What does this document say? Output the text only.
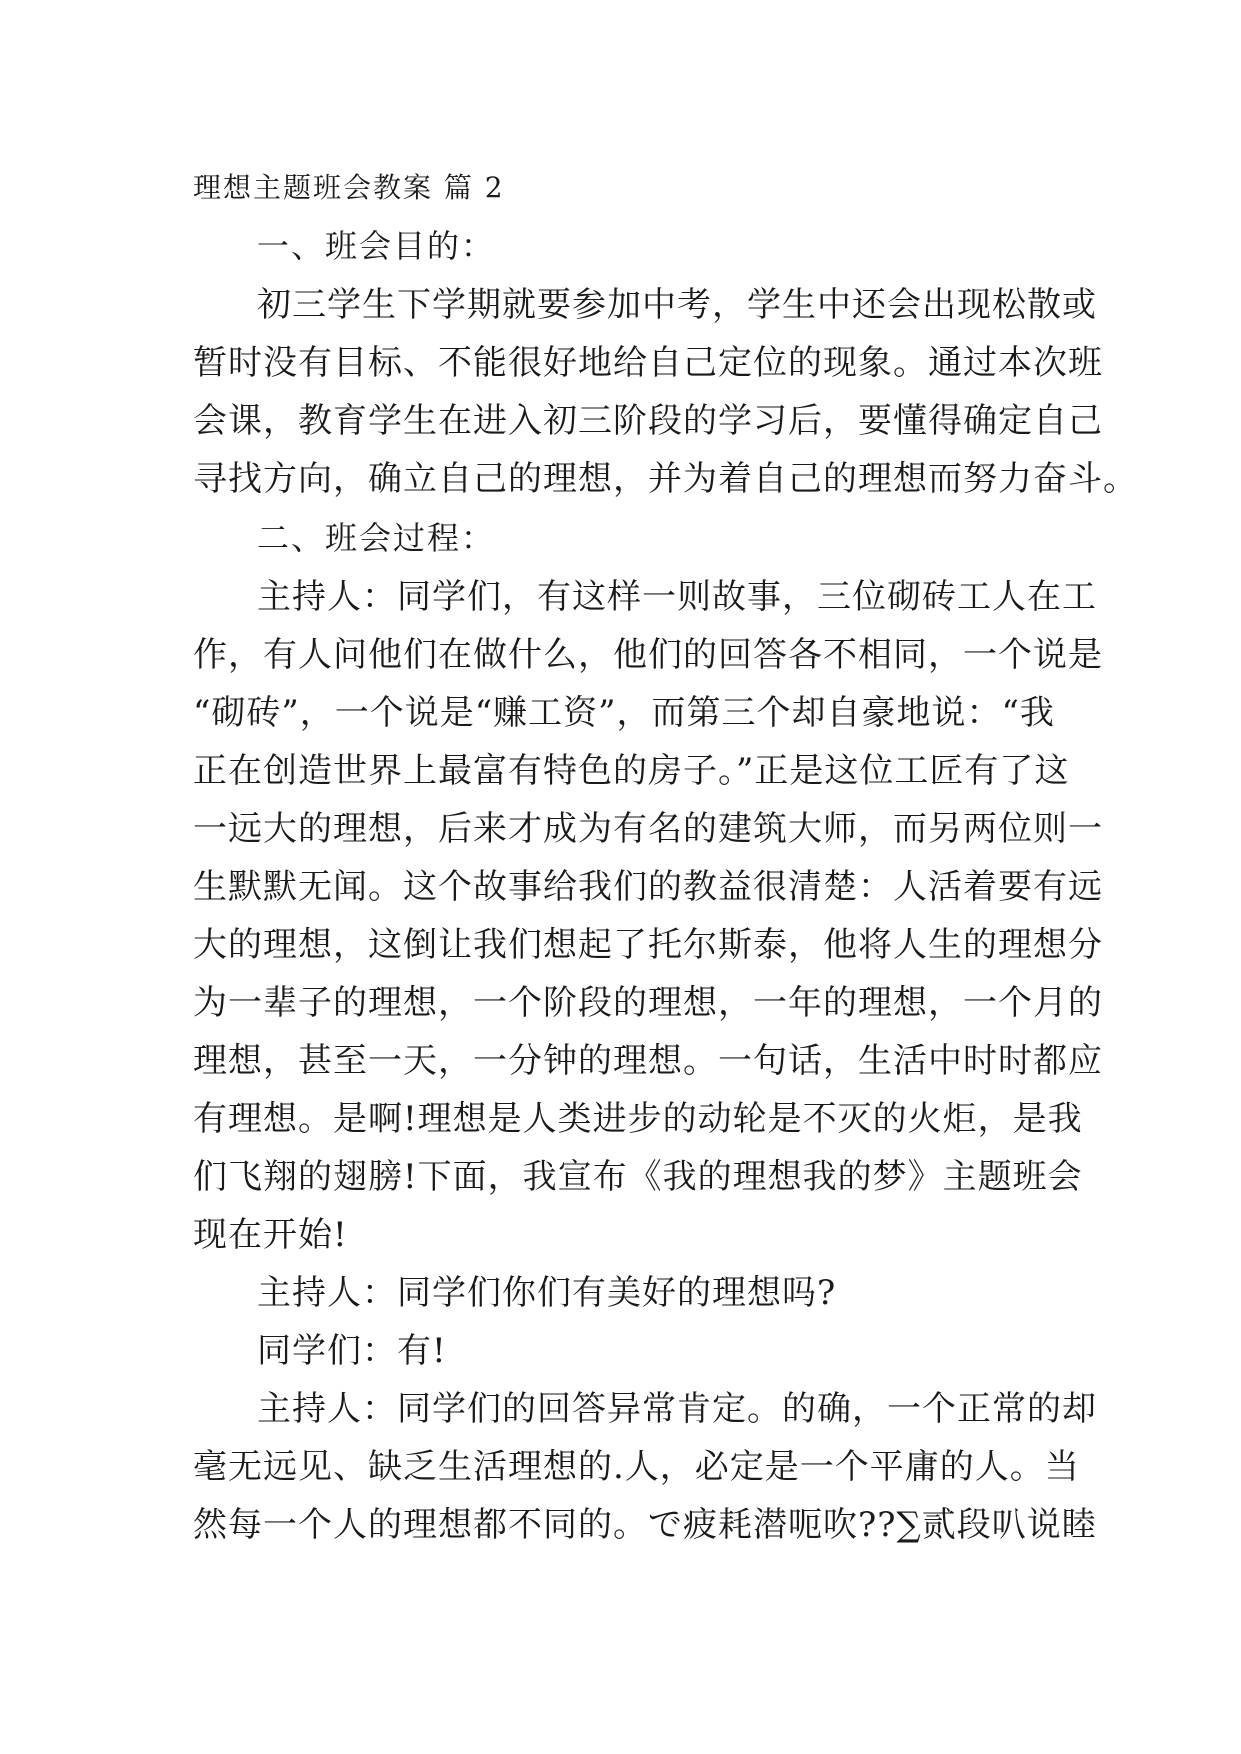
理想主题班会教案 篇 2

一、班会目的：

初三学生下学期就要参加中考，学生中还会出现松散或
暂时没有目标、不能很好地给自己定位的现象。通过本次班
会课，教育学生在进入初三阶段的学习后，要懂得确定自己
寻找方向，确立自己的理想，并为着自己的理想而努力奋斗。

二、班会过程：

主持人：同学们，有这样一则故事，三位砌砖工人在工
作，有人问他们在做什么，他们的回答各不相同，一个说是
“砌砖”，一个说是“赚工资”，而第三个却自豪地说：“我
正在创造世界上最富有特色的房子。”正是这位工匠有了这
一远大的理想，后来才成为有名的建筑大师，而另两位则一
生默默无闻。这个故事给我们的教益很清楚：人活着要有远
大的理想，这倒让我们想起了托尔斯泰，他将人生的理想分
为一辈子的理想，一个阶段的理想，一年的理想，一个月的
理想，甚至一天，一分钟的理想。一句话，生活中时时都应
有理想。是啊!理想是人类进步的动轮是不灭的火炬，是我
们飞翔的翅膀!下面，我宣布《我的理想我的梦》主题班会
现在开始!

主持人：同学们你们有美好的理想吗?

同学们：有!

主持人：同学们的回答异常肯定。的确，一个正常的却
毫无远见、缺乏生活理想的.人，必定是一个平庸的人。当
然每一个人的理想都不同的。で疲耗潜呃吹??∑贰段叭说睦
